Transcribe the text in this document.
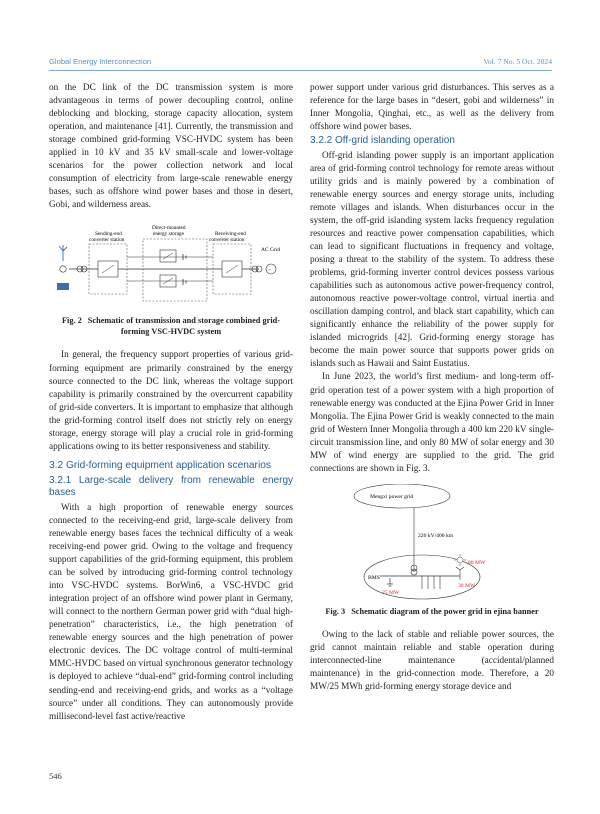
Global Energy Interconnection	Vol. 7 No. 5 Oct. 2024

on the DC link of the DC transmission system is more advantageous in terms of power decoupling control, online deblocking and blocking, storage capacity allocation, system operation, and maintenance [41]. Currently, the transmission and storage combined grid-forming VSC-HVDC system has been applied in 10 kV and 35 kV small-scale and lower-voltage scenarios for the power collection network and local consumption of electricity from large-scale renewable energy bases, such as offshore wind power bases and those in desert, Gobi, and wilderness areas.

Sending-end
converter station
Direct-mounted
energy storage	Receiving-end
converter station
AC Grid
~
Fig. 2 Schematic of transmission and storage combined grid-forming VSC-HVDC system

In general, the frequency support properties of various grid-forming equipment are primarily constrained by the energy source connected to the DC link, whereas the voltage support capability is primarily constrained by the overcurrent capability of grid-side converters. It is important to emphasize that although the grid-forming control itself does not strictly rely on energy storage, energy storage will play a crucial role in grid-forming applications owing to its better responsiveness and stability.

3.2 Grid-forming equipment application scenarios
3.2.1 Large-scale delivery from renewable energy bases

With a high proportion of renewable energy sources connected to the receiving-end grid, large-scale delivery from renewable energy bases faces the technical difficulty of a weak receiving-end power grid. Owing to the voltage and frequency support capabilities of the grid-forming equipment, this problem can be solved by introducing grid-forming control technology into VSC-HVDC systems. BorWin6, a VSC-HVDC grid integration project of an offshore wind power plant in Germany, will connect to the northern German power grid with “dual high-penetration” characteristics, i.e., the high penetration of renewable energy sources and the high penetration of power electronic devices. The DC voltage control of multi-terminal MMC-HVDC based on virtual synchronous generator technology is deployed to achieve “dual-end” grid-forming control including sending-end and receiving-end grids, and works as a “voltage source” under all conditions. They can autonomously provide millisecond-level fast active/reactive

power support under various grid disturbances. This serves as a reference for the large bases in “desert, gobi and wilderness” in Inner Mongolia, Qinghai, etc., as well as the delivery from offshore wind power bases.

3.2.2 Off-grid islanding operation

Off-grid islanding power supply is an important application area of grid-forming control technology for remote areas without utility grids and is mainly powered by a combination of renewable energy sources and energy storage units, including remote villages and islands. When disturbances occur in the system, the off-grid islanding system lacks frequency regulation resources and reactive power compensation capabilities, which can lead to significant fluctuations in frequency and voltage, posing a threat to the stability of the system. To address these problems, grid-forming inverter control devices possess various capabilities such as autonomous active power-frequency control, autonomous reactive power-voltage control, virtual inertia and oscillation damping control, and black start capability, which can significantly enhance the reliability of the power supply for islanded microgrids [42]. Grid-forming energy storage has become the main power source that supports power grids on islands such as Hawaii and Saint Eustatius.

In June 2023, the world’s first medium- and long-term off-grid operation test of a power system with a high proportion of renewable energy was conducted at the Ejina Power Grid in Inner Mongolia. The Ejina Power Grid is weakly connected to the main grid of Western Inner Mongolia through a 400 km 220 kV single-circuit transmission line, and only 80 MW of solar energy and 30 MW of wind energy are supplied to the grid. The grid connections are shown in Fig. 3.

Mengxi power grid
220 kV/400 km
80 MW
30 MW
BMS
25 MW
Fig. 3 Schematic diagram of the power grid in ejina banner

Owing to the lack of stable and reliable power sources, the grid cannot maintain reliable and stable operation during interconnected-line maintenance (accidental/planned maintenance) in the grid-connection mode. Therefore, a 20 MW/25 MWh grid-forming energy storage device and

546
